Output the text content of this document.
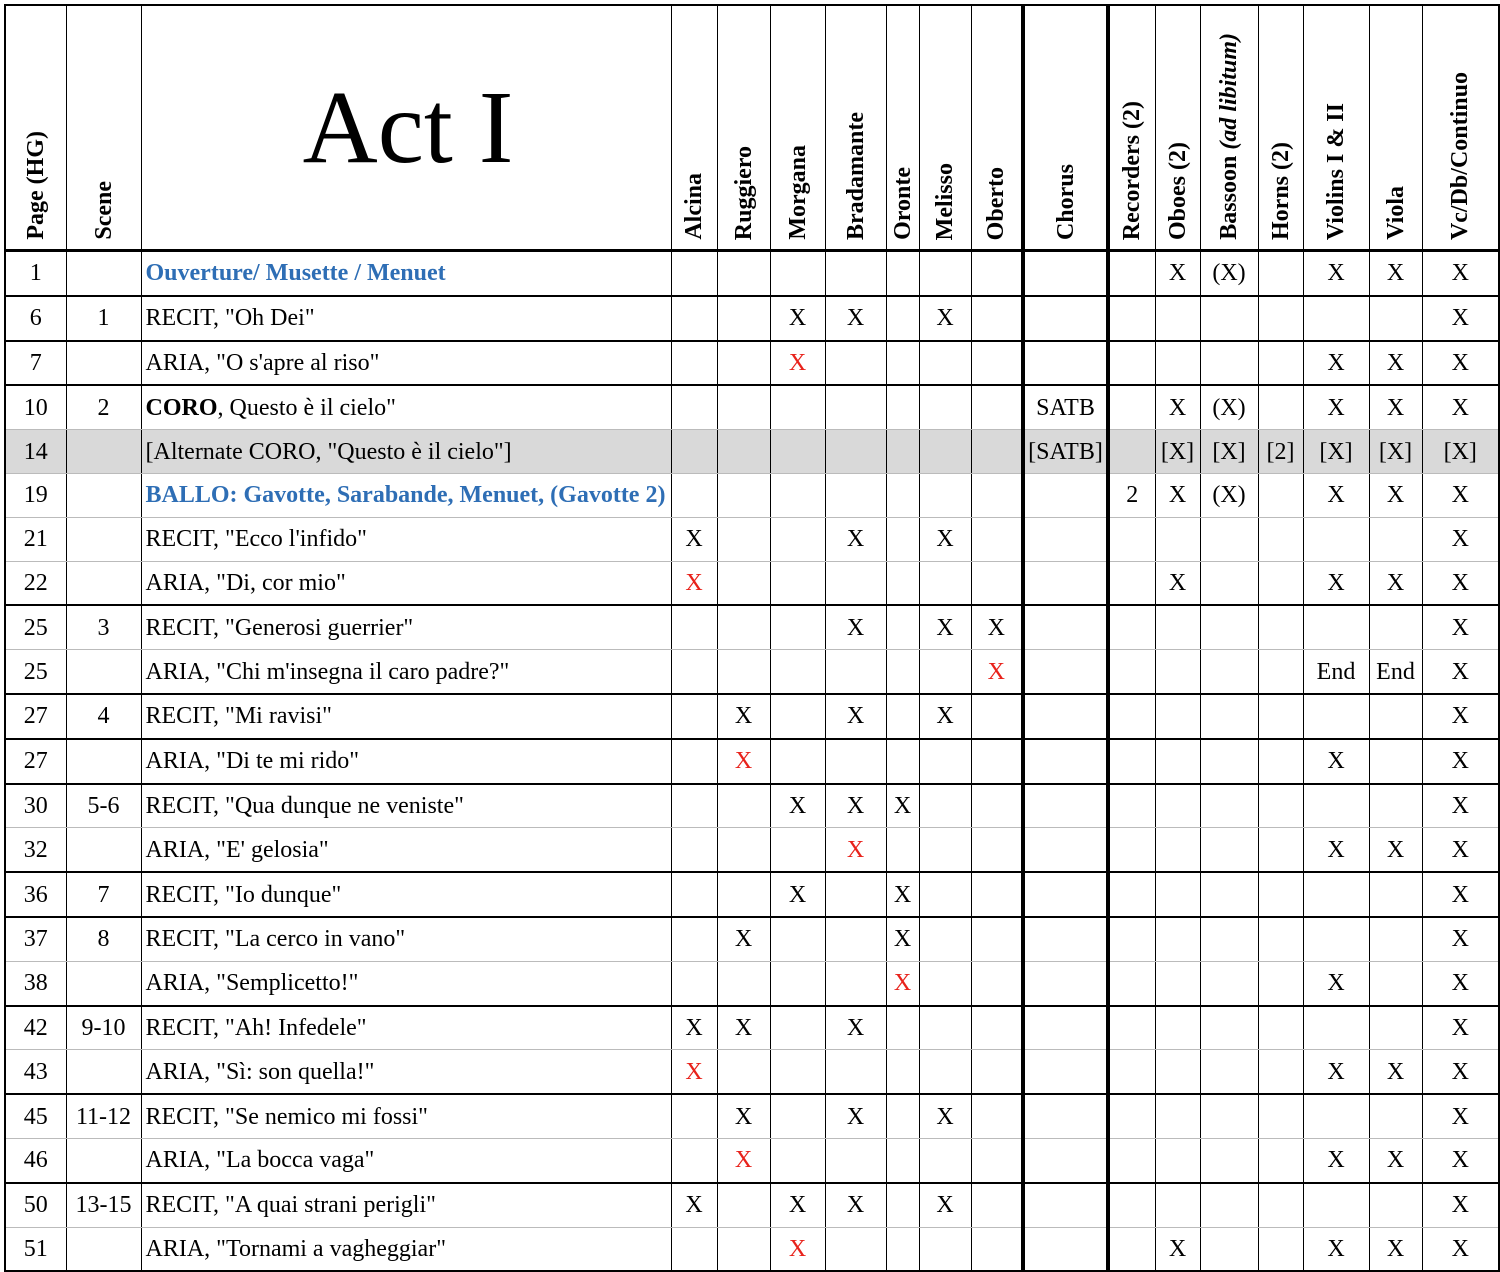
Page (HG)	Scene	Act I	Alcina	Ruggiero	Morgana	Bradamante	Oronte	Melisso	Oberto	Chorus	Recorders (2)	Oboes (2)	Bassoon (ad libitum)	Horns (2)	Violins I & II	Viola	Vc/Db/Continuo
1		Ouverture/ Musette / Menuet										X	(X)		X	X	X
6	1	RECIT, "Oh Dei"			X	X		X									X
7		ARIA, "O s'apre al riso"			X										X	X	X
10	2	CORO, Questo è il cielo"								SATB		X	(X)		X	X	X
14		[Alternate CORO, "Questo è il cielo"]								[SATB]		[X]	[X]	[2]	[X]	[X]	[X]
19		BALLO: Gavotte, Sarabande, Menuet, (Gavotte 2)									2	X	(X)		X	X	X
21		RECIT, "Ecco l'infido"	X			X		X									X
22		ARIA, "Di, cor mio"	X									X			X	X	X
25	3	RECIT, "Generosi guerrier"				X		X	X								X
25		ARIA, "Chi m'insegna il caro padre?"							X						End	End	X
27	4	RECIT, "Mi ravisi"		X		X		X									X
27		ARIA, "Di te mi rido"		X											X		X
30	5-6	RECIT, "Qua dunque ne veniste"			X	X	X										X
32		ARIA, "E' gelosia"				X									X	X	X
36	7	RECIT, "Io dunque"			X		X										X
37	8	RECIT, "La cerco in vano"		X			X										X
38		ARIA, "Semplicetto!"					X								X		X
42	9-10	RECIT, "Ah! Infedele"	X	X		X											X
43		ARIA, "Sì: son quella!"	X												X	X	X
45	11-12	RECIT, "Se nemico mi fossi"		X		X		X									X
46		ARIA, "La bocca vaga"		X											X	X	X
50	13-15	RECIT, "A quai strani perigli"	X		X	X		X									X
51		ARIA, "Tornami a vagheggiar"			X							X			X	X	X
